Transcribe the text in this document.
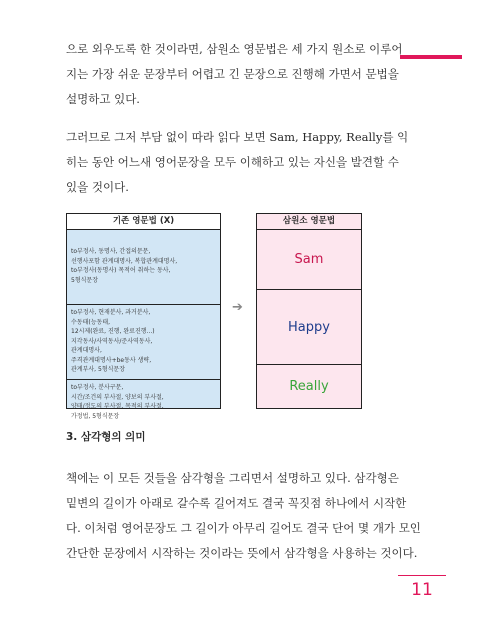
으로 외우도록 한 것이라면, 삼원소 영문법은 세 가지 원소로 이루어
지는 가장 쉬운 문장부터 어렵고 긴 문장으로 진행해 가면서 문법을
설명하고 있다.

그러므로 그저 부담 없이 따라 읽다 보면 Sam, Happy, Really를 익
히는 동안 어느새 영어문장을 모두 이해하고 있는 자신을 발견할 수
있을 것이다.

기존 영문법 (X)
to부정사, 동명사, 간접의문문,
선행사포함 관계대명사, 복합관계대명사,
to부정사(동명사) 목적어 취하는 동사,
5형식문장
to부정사, 현재분사, 과거분사,
수동태(능동태,
12시제(완료, 진행, 완료진행...)
지각동사/사역동사/준사역동사,
관계대명사,
주격관계대명사+be동사 생략,
관계부사, 5형식문장
to부정사, 분사구문,
시간/조건의 부사절, 양보의 부사절,
양태/정도의 부사절, 목적의 부사절,
가정법, 5형식문장
➔
삼원소 영문법
Sam
Happy
Really
3. 삼각형의 의미

책에는 이 모든 것들을 삼각형을 그리면서 설명하고 있다. 삼각형은
밑변의 길이가 아래로 갈수록 길어져도 결국 꼭짓점 하나에서 시작한
다. 이처럼 영어문장도 그 길이가 아무리 길어도 결국 단어 몇 개가 모인
간단한 문장에서 시작하는 것이라는 뜻에서 삼각형을 사용하는 것이다.

11
